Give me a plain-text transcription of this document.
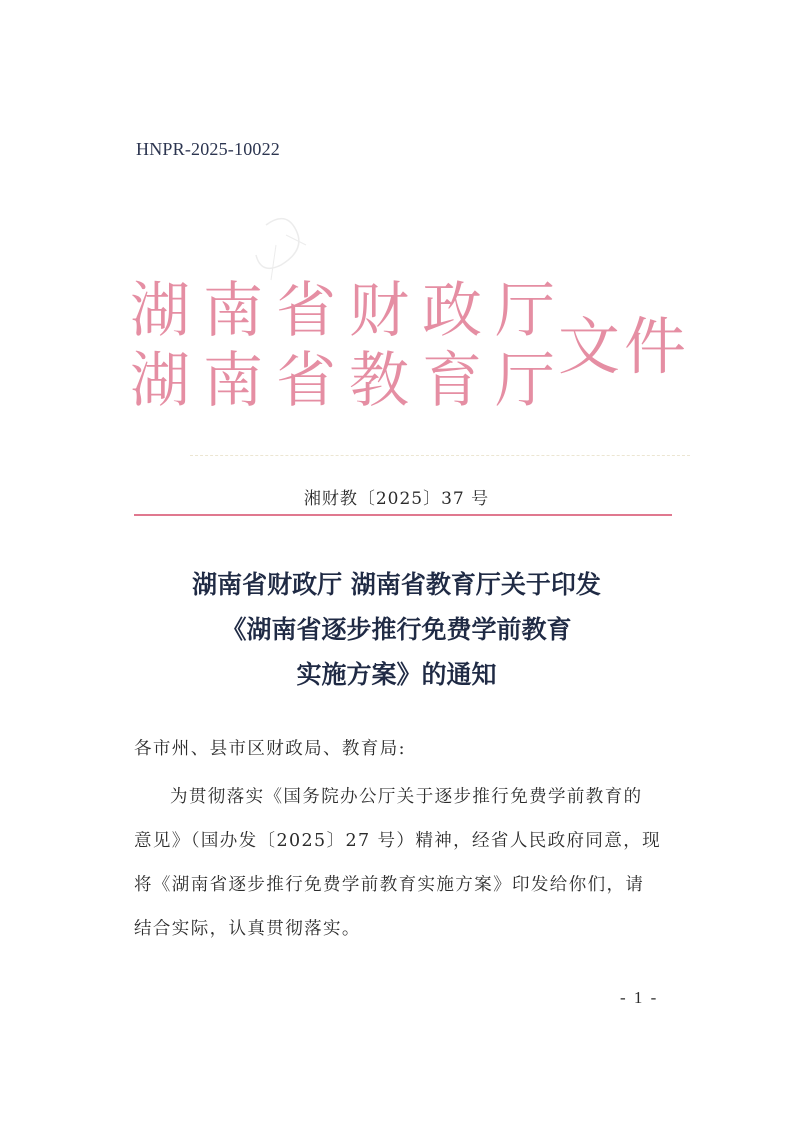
HNPR-2025-10022
湖南省财政厅
湖南省教育厅
文件
湘财教〔2025〕37 号
湖南省财政厅 湖南省教育厅关于印发
《湖南省逐步推行免费学前教育
实施方案》的通知
各市州、县市区财政局、教育局:
为贯彻落实《国务院办公厅关于逐步推行免费学前教育的
意见》（国办发〔2025〕27 号）精神，经省人民政府同意，现
将《湖南省逐步推行免费学前教育实施方案》印发给你们，请
结合实际，认真贯彻落实。
- 1 -
